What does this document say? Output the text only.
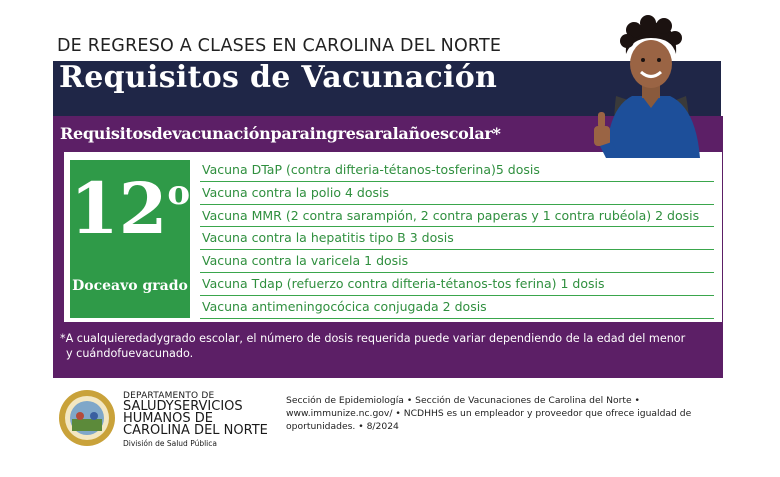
DE REGRESO A CLASES EN CAROLINA DEL NORTE
Requisitos de Vacunación
Requisitosdevacunaciónparaingresaralañoescolar*
12$^o$
Doceavo grado
Vacuna DTaP (contra difteria-tétanos-tosferina)5 dosis
Vacuna contra la polio 4 dosis
Vacuna MMR (2 contra sarampión, 2 contra paperas y 1 contra rubéola) 2 dosis
Vacuna contra la hepatitis tipo B 3 dosis
Vacuna contra la varicela 1 dosis
Vacuna Tdap (refuerzo contra difteria-tétanos-tos ferina) 1 dosis
Vacuna antimeningocócica conjugada 2 dosis
*A cualquieredadygrado escolar, el número de dosis requerida puede variar dependiendo de la edad del menor
y cuándofuevacunado.
DEPARTAMENTO DE
SALUDYSERVICIOS
HUMANOS DE
CAROLINA DEL NORTE
División de Salud Pública
Sección de Epidemiología • Sección de Vacunaciones de Carolina del Norte • www.immunize.nc.gov/ • NCDHHS es un empleador y proveedor que ofrece igualdad de oportunidades. • 8/2024
